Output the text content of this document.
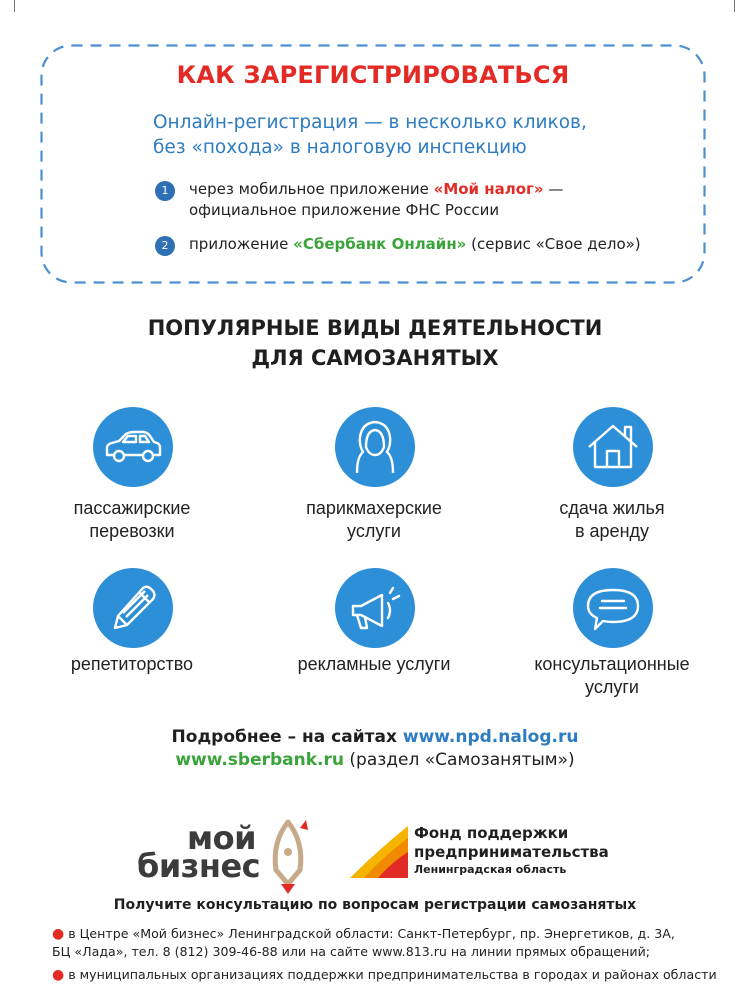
КАК ЗАРЕГИСТРИРОВАТЬСЯ
Онлайн-регистрация — в несколько кликов,
без «похода» в налоговую инспекцию
1	через мобильное приложение «Мой налог» —
официальное приложение ФНС России
2	приложение «Сбербанк Онлайн» (сервис «Свое дело»)
ПОПУЛЯРНЫЕ ВИДЫ ДЕЯТЕЛЬНОСТИ
ДЛЯ САМОЗАНЯТЫХ
пассажирские
перевозки
парикмахерские
услуги
сдача жилья
в аренду
репетиторство	рекламные услуги	консультационные
услуги
Подробнее – на сайтах www.npd.nalog.ru
www.sberbank.ru (раздел «Самозанятым»)
мой
бизнес
Фонд поддержки
предпринимательства
Ленинградская область
Получите консультацию по вопросам регистрации самозанятых
● в Центре «Мой бизнес» Ленинградской области: Санкт-Петербург, пр. Энергетиков, д. 3А,
БЦ «Лада», тел. 8 (812) 309-46-88 или на сайте www.813.ru на линии прямых обращений;
● в муниципальных организациях поддержки предпринимательства в городах и районах области
